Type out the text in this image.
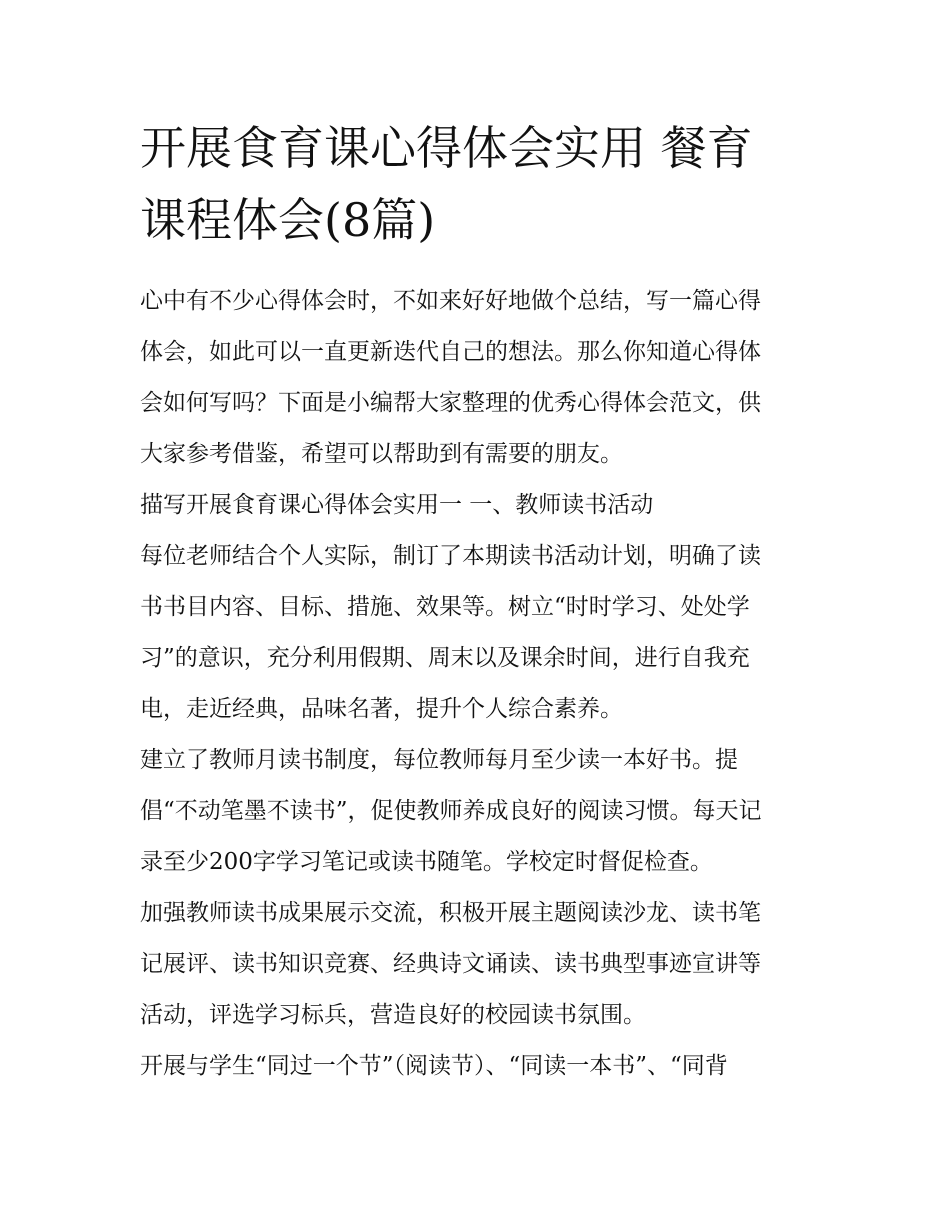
开展食育课心得体会实用 餐育
课程体会(8篇)
心中有不少心得体会时，不如来好好地做个总结，写一篇心得
体会，如此可以一直更新迭代自己的想法。那么你知道心得体
会如何写吗？下面是小编帮大家整理的优秀心得体会范文，供
大家参考借鉴，希望可以帮助到有需要的朋友。
描写开展食育课心得体会实用一 一、教师读书活动
每位老师结合个人实际，制订了本期读书活动计划，明确了读
书书目内容、目标、措施、效果等。树立“时时学习、处处学
习”的意识，充分利用假期、周末以及课余时间，进行自我充
电，走近经典，品味名著，提升个人综合素养。
建立了教师月读书制度，每位教师每月至少读一本好书。提
倡“不动笔墨不读书”，促使教师养成良好的阅读习惯。每天记
录至少200字学习笔记或读书随笔。学校定时督促检查。
加强教师读书成果展示交流，积极开展主题阅读沙龙、读书笔
记展评、读书知识竞赛、经典诗文诵读、读书典型事迹宣讲等
活动，评选学习标兵，营造良好的校园读书氛围。
开展与学生“同过一个节”（阅读节）、“同读一本书”、“同背
